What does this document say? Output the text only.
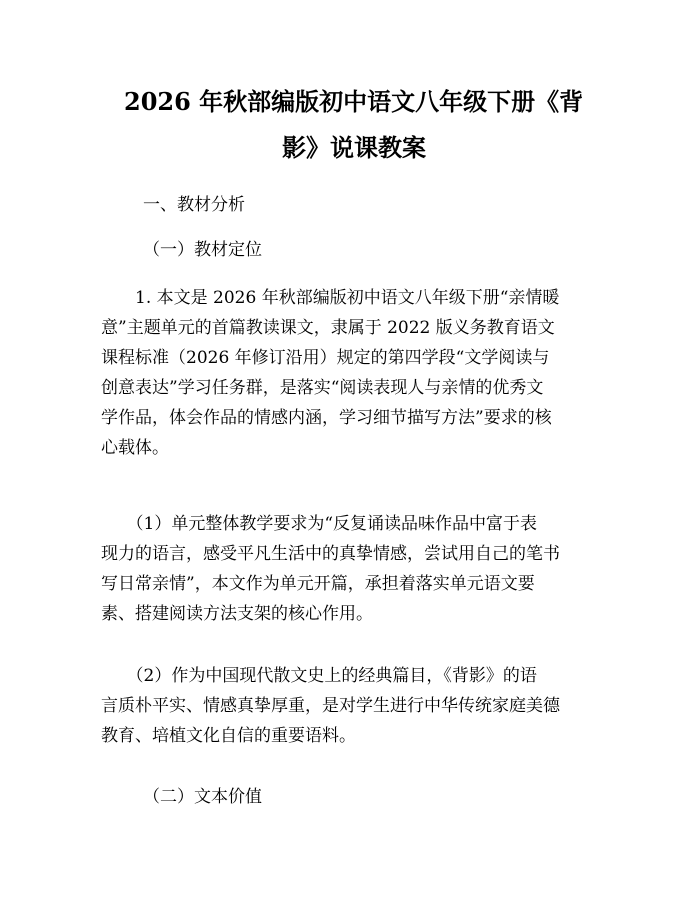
2026 年秋部编版初中语文八年级下册《背
影》说课教案
一、教材分析
（一）教材定位
　　1. 本文是 2026 年秋部编版初中语文八年级下册“亲情暖
意”主题单元的首篇教读课文，隶属于 2022 版义务教育语文
课程标准（2026 年修订沿用）规定的第四学段“文学阅读与
创意表达”学习任务群，是落实“阅读表现人与亲情的优秀文
学作品，体会作品的情感内涵，学习细节描写方法”要求的核
心载体。
　　（1）单元整体教学要求为“反复诵读品味作品中富于表
现力的语言，感受平凡生活中的真挚情感，尝试用自己的笔书
写日常亲情”，本文作为单元开篇，承担着落实单元语文要
素、搭建阅读方法支架的核心作用。
　　（2）作为中国现代散文史上的经典篇目，《背影》的语
言质朴平实、情感真挚厚重，是对学生进行中华传统家庭美德
教育、培植文化自信的重要语料。
（二）文本价值
